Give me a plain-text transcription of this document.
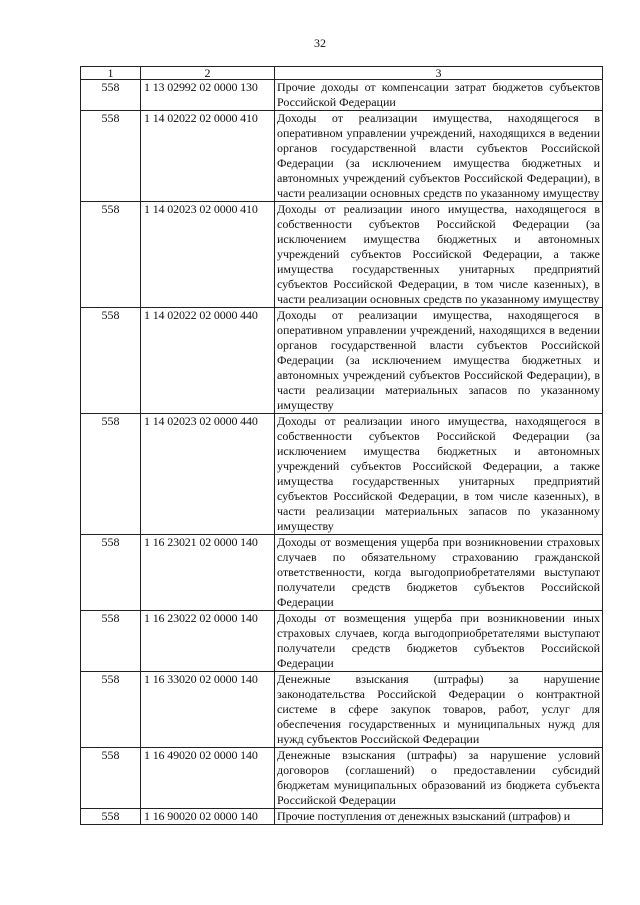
32
1	2	3
558	1 13 02992 02 0000 130	Прочие доходы от компенсации затрат бюджетов субъектов Российской Федерации
558	1 14 02022 02 0000 410	Доходы от реализации имущества, находящегося в оперативном управлении учреждений, находящихся в ведении органов государственной власти субъектов Российской Федерации (за исключением имущества бюджетных и автономных учреждений субъектов Российской Федерации), в части реализации основных средств по указанному имуществу
558	1 14 02023 02 0000 410	Доходы от реализации иного имущества, находящегося в собственности субъектов Российской Федерации (за исключением имущества бюджетных и автономных учреждений субъектов Российской Федерации, а также имущества государственных унитарных предприятий субъектов Российской Федерации, в том числе казенных), в части реализации основных средств по указанному имуществу
558	1 14 02022 02 0000 440	Доходы от реализации имущества, находящегося в оперативном управлении учреждений, находящихся в ведении органов государственной власти субъектов Российской Федерации (за исключением имущества бюджетных и автономных учреждений субъектов Российской Федерации), в части реализации материальных запасов по указанному имуществу
558	1 14 02023 02 0000 440	Доходы от реализации иного имущества, находящегося в собственности субъектов Российской Федерации (за исключением имущества бюджетных и автономных учреждений субъектов Российской Федерации, а также имущества государственных унитарных предприятий субъектов Российской Федерации, в том числе казенных), в части реализации материальных запасов по указанному имуществу
558	1 16 23021 02 0000 140	Доходы от возмещения ущерба при возникновении страховых случаев по обязательному страхованию гражданской ответственности, когда выгодоприобретателями выступают получатели средств бюджетов субъектов Российской Федерации
558	1 16 23022 02 0000 140	Доходы от возмещения ущерба при возникновении иных страховых случаев, когда выгодоприобретателями выступают получатели средств бюджетов субъектов Российской Федерации
558	1 16 33020 02 0000 140	Денежные взыскания (штрафы) за нарушение законодательства Российской Федерации о контрактной системе в сфере закупок товаров, работ, услуг для обеспечения государственных и муниципальных нужд для нужд субъектов Российской Федерации
558	1 16 49020 02 0000 140	Денежные взыскания (штрафы) за нарушение условий договоров (соглашений) о предоставлении субсидий бюджетам муниципальных образований из бюджета субъекта Российской Федерации
558	1 16 90020 02 0000 140	Прочие поступления от денежных взысканий (штрафов) и
